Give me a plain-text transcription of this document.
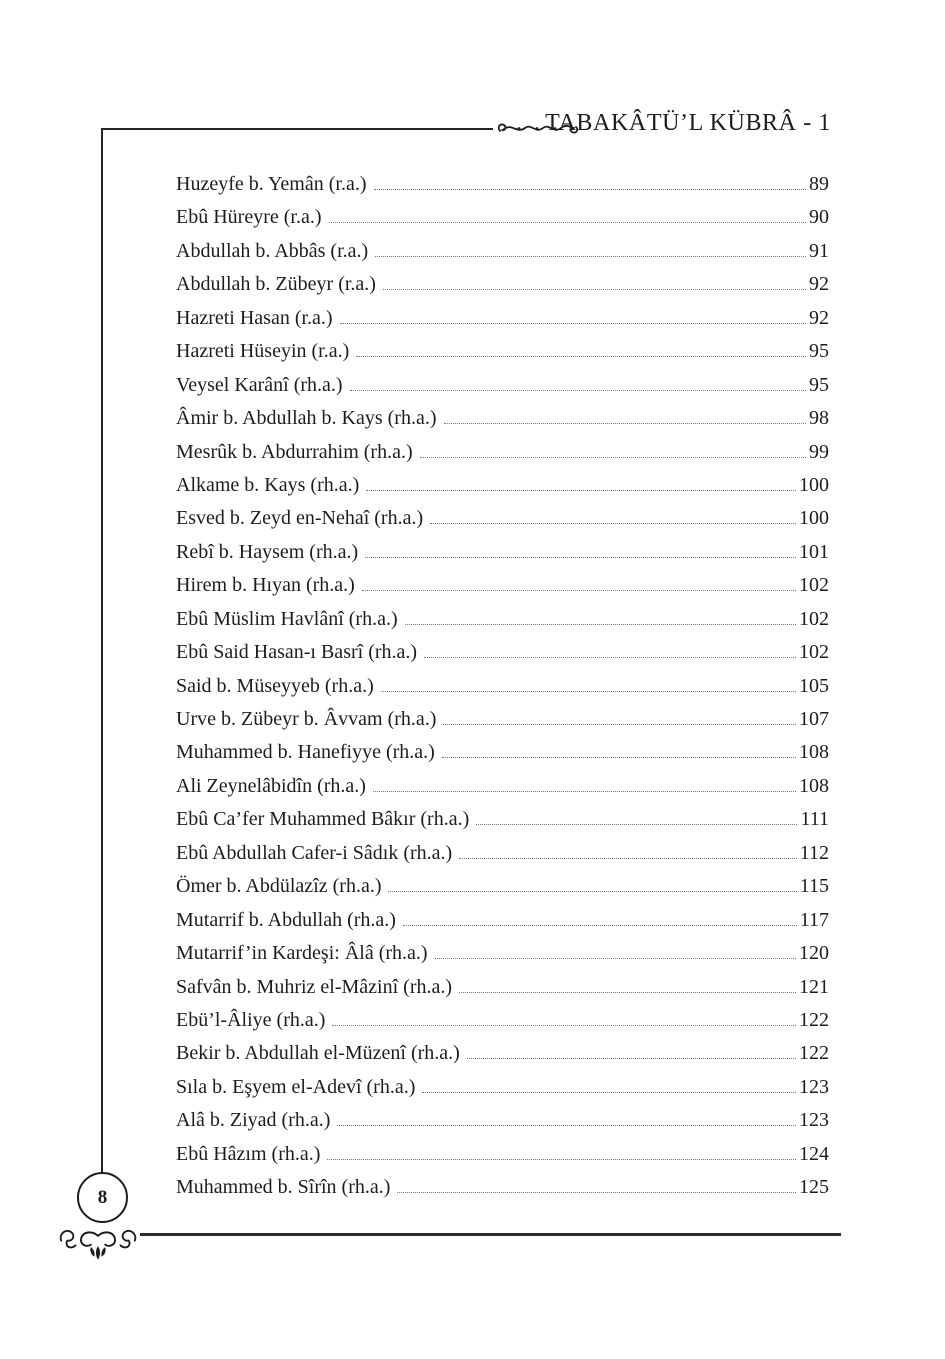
TABAKÂTÜ’L KÜBRÂ - 1
Huzeyfe b. Yemân (r.a.)	89
Ebû Hüreyre (r.a.)	90
Abdullah b. Abbâs (r.a.)	91
Abdullah b. Zübeyr (r.a.)	92
Hazreti Hasan (r.a.)	92
Hazreti Hüseyin (r.a.)	95
Veysel Karânî (rh.a.)	95
Âmir b. Abdullah b. Kays (rh.a.)	98
Mesrûk b. Abdurrahim (rh.a.)	99
Alkame b. Kays (rh.a.)	100
Esved b. Zeyd en-Nehaî (rh.a.)	100
Rebî b. Haysem (rh.a.)	101
Hirem b. Hıyan (rh.a.)	102
Ebû Müslim Havlânî (rh.a.)	102
Ebû Said Hasan-ı Basrî (rh.a.)	102
Said b. Müseyyeb (rh.a.)	105
Urve b. Zübeyr b. Âvvam (rh.a.)	107
Muhammed b. Hanefiyye (rh.a.)	108
Ali Zeynelâbidîn (rh.a.)	108
Ebû Ca’fer Muhammed Bâkır (rh.a.)	111
Ebû Abdullah Cafer-i Sâdık (rh.a.)	112
Ömer b. Abdülazîz (rh.a.)	115
Mutarrif b. Abdullah (rh.a.)	117
Mutarrif’in Kardeşi: Âlâ (rh.a.)	120
Safvân b. Muhriz el-Mâzinî (rh.a.)	121
Ebü’l-Âliye (rh.a.)	122
Bekir b. Abdullah el-Müzenî (rh.a.)	122
Sıla b. Eşyem el-Adevî (rh.a.)	123
Alâ b. Ziyad (rh.a.)	123
Ebû Hâzım (rh.a.)	124
Muhammed b. Sîrîn (rh.a.)	125
8
